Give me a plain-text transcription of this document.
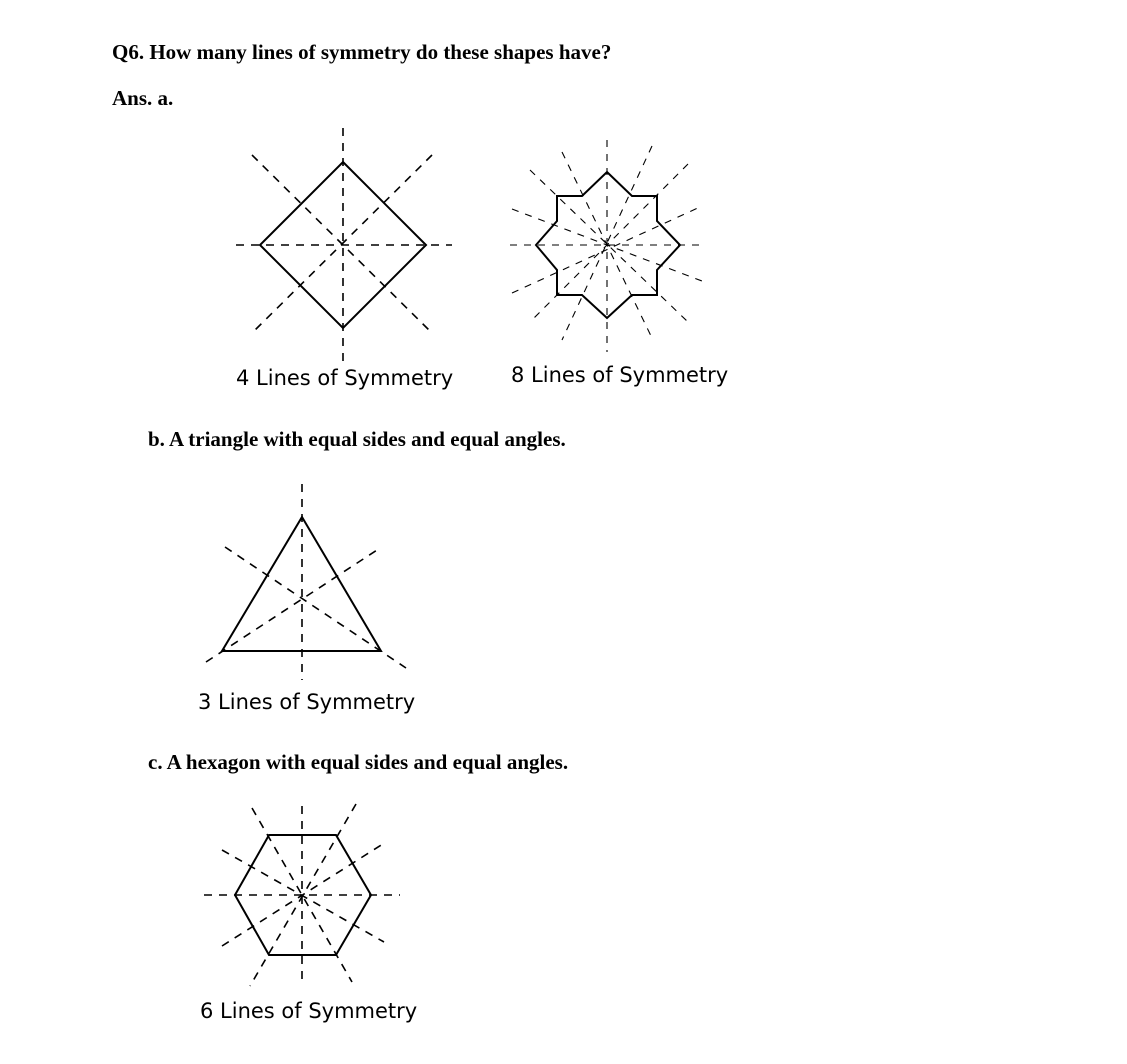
Q6. How many lines of symmetry do these shapes have?
Ans. a.
4 Lines of Symmetry	8 Lines of Symmetry
b. A triangle with equal sides and equal angles.
3 Lines of Symmetry
c. A hexagon with equal sides and equal angles.
6 Lines of Symmetry
